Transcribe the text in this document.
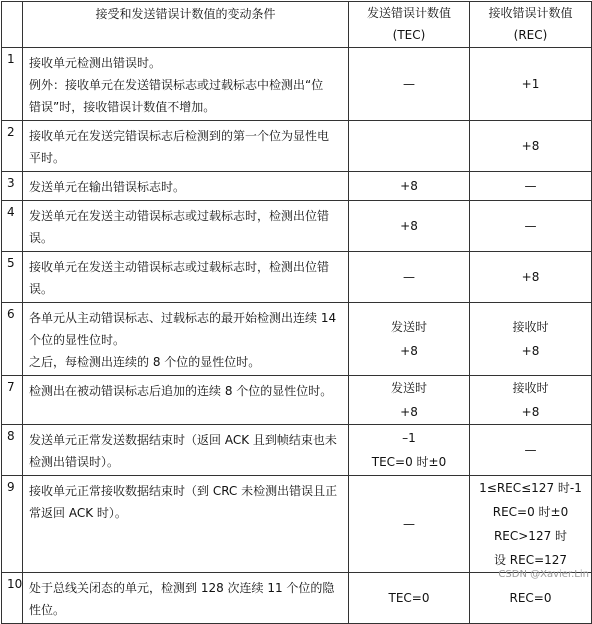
	接受和发送错误计数值的变动条件	发送错误计数值
(TEC)	接收错误计数值
(REC)

1	接收单元检测出错误时。
例外：接收单元在发送错误标志或过载标志中检测出“位
错误”时，接收错误计数值不增加。	—	+1

2	接收单元在发送完错误标志后检测到的第一个位为显性电
平时。		+8

3	发送单元在输出错误标志时。	+8	—

4	发送单元在发送主动错误标志或过载标志时，检测出位错
误。	+8	—

5	接收单元在发送主动错误标志或过载标志时，检测出位错
误。	—	+8

6	各单元从主动错误标志、过载标志的最开始检测出连续 14
个位的显性位时。
之后，每检测出连续的 8 个位的显性位时。	发送时
+8	接收时
+8

7	检测出在被动错误标志后追加的连续 8 个位的显性位时。	发送时
+8	接收时
+8

8	发送单元正常发送数据结束时（返回 ACK 且到帧结束也未
检测出错误时）。	–1
TEC=0 时±0	—

9	接收单元正常接收数据结束时（到 CRC 未检测出错误且正
常返回 ACK 时）。	—	1≤REC≤127 时-1
REC=0 时±0
REC>127 时
设 REC=127

10	处于总线关闭态的单元，检测到 128 次连续 11 个位的隐
性位。	TEC=0	REC=0
CSDN @Xavier.Lin
